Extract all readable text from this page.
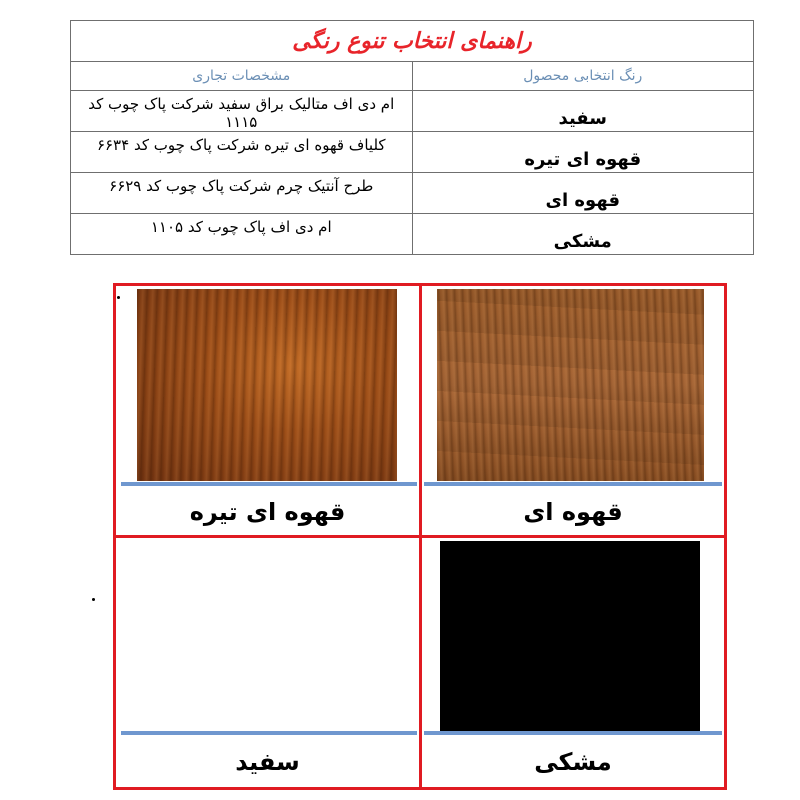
راهنمای انتخاب تنوع رنگی	
رنگ انتخابی محصول	مشخصات تجاری
سفید	ام دی اف متالیک براق سفید شرکت پاک چوب کد ۱۱۱۵
قهوه ای تیره	کلیاف قهوه ای تیره شرکت پاک چوب کد ۶۶۳۴
قهوه ای	طرح آنتیک چرم شرکت پاک چوب کد ۶۶۲۹
مشکی	ام دی اف پاک چوب کد ۱۱۰۵
قهوه ای تیره	قهوه ای
سفید	مشکی
